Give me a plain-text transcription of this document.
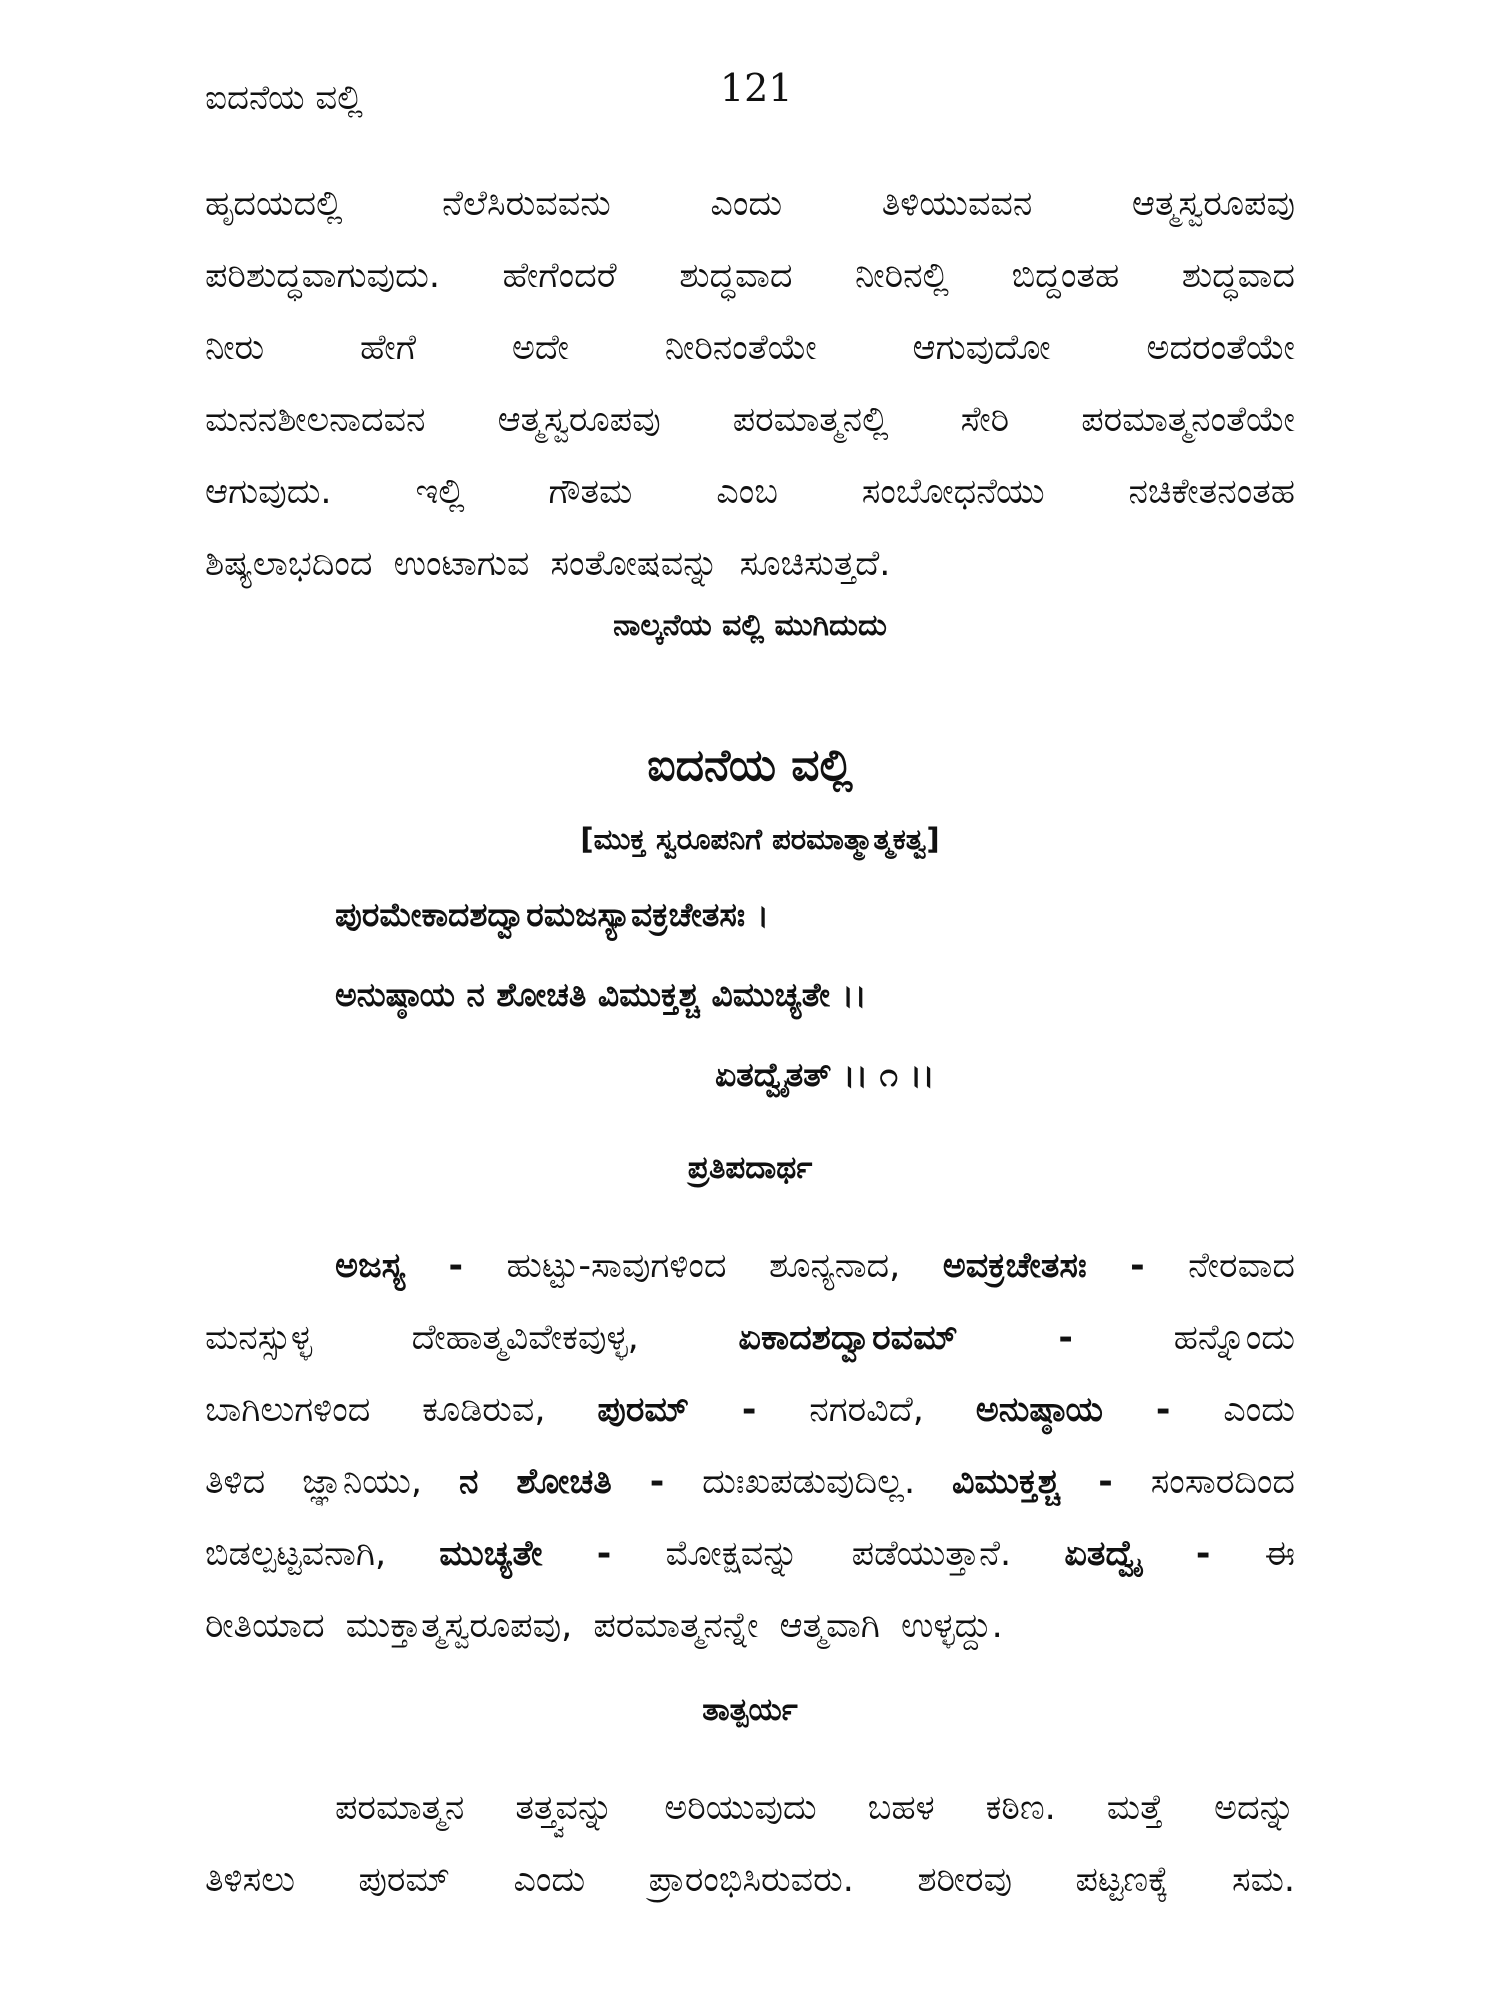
ಐದನೆಯ ವಲ್ಲಿ	121
ಹೃದಯದಲ್ಲಿ ನೆಲೆಸಿರುವವನು ಎಂದು ತಿಳಿಯುವವನ ಆತ್ಮಸ್ವರೂಪವು
ಪರಿಶುದ್ಧವಾಗುವುದು. ಹೇಗೆಂದರೆ ಶುದ್ಧವಾದ ನೀರಿನಲ್ಲಿ ಬಿದ್ದಂತಹ ಶುದ್ಧವಾದ
ನೀರು ಹೇಗೆ ಅದೇ ನೀರಿನಂತೆಯೇ ಆಗುವುದೋ ಅದರಂತೆಯೇ
ಮನನಶೀಲನಾದವನ ಆತ್ಮಸ್ವರೂಪವು ಪರಮಾತ್ಮನಲ್ಲಿ ಸೇರಿ ಪರಮಾತ್ಮನಂತೆಯೇ
ಆಗುವುದು. ಇಲ್ಲಿ ಗೌತಮ ಎಂಬ ಸಂಬೋಧನೆಯು ನಚಿಕೇತನಂತಹ
ಶಿಷ್ಯಲಾಭದಿಂದ ಉಂಟಾಗುವ ಸಂತೋಷವನ್ನು ಸೂಚಿಸುತ್ತದೆ.
ನಾಲ್ಕನೆಯ ವಲ್ಲಿ ಮುಗಿದುದು
ಐದನೆಯ ವಲ್ಲಿ
[ಮುಕ್ತ ಸ್ವರೂಪನಿಗೆ ಪರಮಾತ್ಮಾತ್ಮಕತ್ವ]
ಪುರಮೇಕಾದಶದ್ವಾರಮಜಸ್ಯಾವಕ್ರಚೇತಸಃ ।
ಅನುಷ್ಠಾಯ ನ ಶೋಚತಿ ವಿಮುಕ್ತಶ್ಚ ವಿಮುಚ್ಯತೇ ।।
ಏತದ್ವೈತತ್ ।। ೧ ।।
ಪ್ರತಿಪದಾರ್ಥ
ಅಜಸ್ಯ - ಹುಟ್ಟು-ಸಾವುಗಳಿಂದ ಶೂನ್ಯನಾದ, ಅವಕ್ರಚೇತಸಃ - ನೇರವಾದ
ಮನಸ್ಸುಳ್ಳ ದೇಹಾತ್ಮವಿವೇಕವುಳ್ಳ, ಏಕಾದಶದ್ವಾರವಮ್ - ಹನ್ನೊಂದು
ಬಾಗಿಲುಗಳಿಂದ ಕೂಡಿರುವ, ಪುರಮ್ - ನಗರವಿದೆ, ಅನುಷ್ಠಾಯ - ಎಂದು
ತಿಳಿದ ಜ್ಞಾನಿಯು, ನ ಶೋಚತಿ - ದುಃಖಪಡುವುದಿಲ್ಲ. ವಿಮುಕ್ತಶ್ಚ - ಸಂಸಾರದಿಂದ
ಬಿಡಲ್ಪಟ್ಟವನಾಗಿ, ಮುಚ್ಯತೇ - ಮೋಕ್ಷವನ್ನು ಪಡೆಯುತ್ತಾನೆ. ಏತದ್ವೈ - ಈ
ರೀತಿಯಾದ ಮುಕ್ತಾತ್ಮಸ್ವರೂಪವು, ಪರಮಾತ್ಮನನ್ನೇ ಆತ್ಮವಾಗಿ ಉಳ್ಳದ್ದು.
ತಾತ್ಪರ್ಯ
ಪರಮಾತ್ಮನ ತತ್ತ್ವವನ್ನು ಅರಿಯುವುದು ಬಹಳ ಕಠಿಣ. ಮತ್ತೆ ಅದನ್ನು
ತಿಳಿಸಲು ಪುರಮ್ ಎಂದು ಪ್ರಾರಂಭಿಸಿರುವರು. ಶರೀರವು ಪಟ್ಟಣಕ್ಕೆ ಸಮ.
